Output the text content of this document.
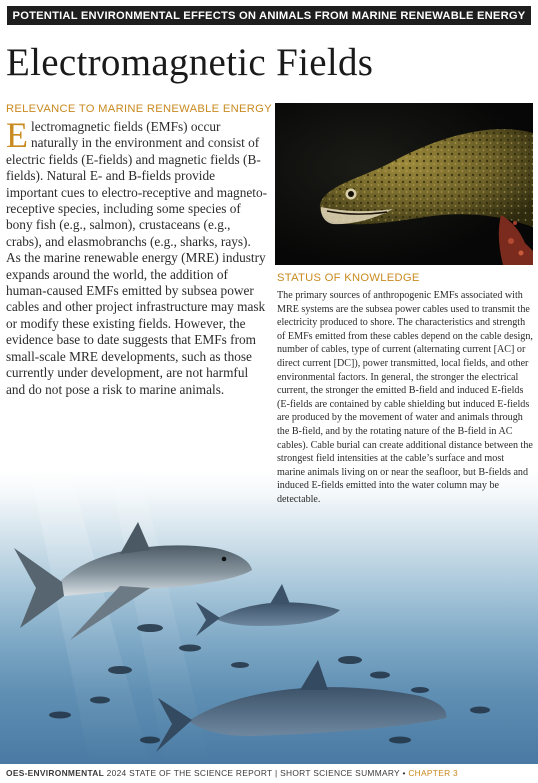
POTENTIAL ENVIRONMENTAL EFFECTS ON ANIMALS FROM MARINE RENEWABLE ENERGY
Electromagnetic Fields
RELEVANCE TO MARINE RENEWABLE ENERGY

Electromagnetic fields (EMFs) occur naturally in the environment and consist of electric fields (E-fields) and magnetic fields (B-fields). Natural E- and B-fields provide important cues to electro-receptive and magneto-receptive species, including some species of bony fish (e.g., salmon), crustaceans (e.g., crabs), and elasmobranchs (e.g., sharks, rays). As the marine renewable energy (MRE) industry expands around the world, the addition of human-caused EMFs emitted by subsea power cables and other project infrastructure may mask or modify these existing fields. However, the evidence base to date suggests that EMFs from small-scale MRE developments, such as those currently under development, are not harmful and do not pose a risk to marine animals.

STATUS OF KNOWLEDGE

The primary sources of anthropogenic EMFs associated with MRE systems are the subsea power cables used to transmit the electricity produced to shore. The characteristics and strength of EMFs emitted from these cables depend on the cable design, number of cables, type of current (alternating current [AC] or direct current [DC]), power transmitted, local fields, and other environmental factors. In general, the stronger the electrical current, the stronger the emitted B-field and induced E-fields (E-fields are contained by cable shielding but induced E-fields are produced by the movement of water and animals through the B-field, and by the rotating nature of the B-field in AC cables). Cable burial can create additional distance between the strongest field intensities at the cable’s surface and most marine animals living on or near the seafloor, but B-fields and induced E-fields emitted into the water column may be detectable.

OES-ENVIRONMENTAL 2024 STATE OF THE SCIENCE REPORT | SHORT SCIENCE SUMMARY • CHAPTER 3
